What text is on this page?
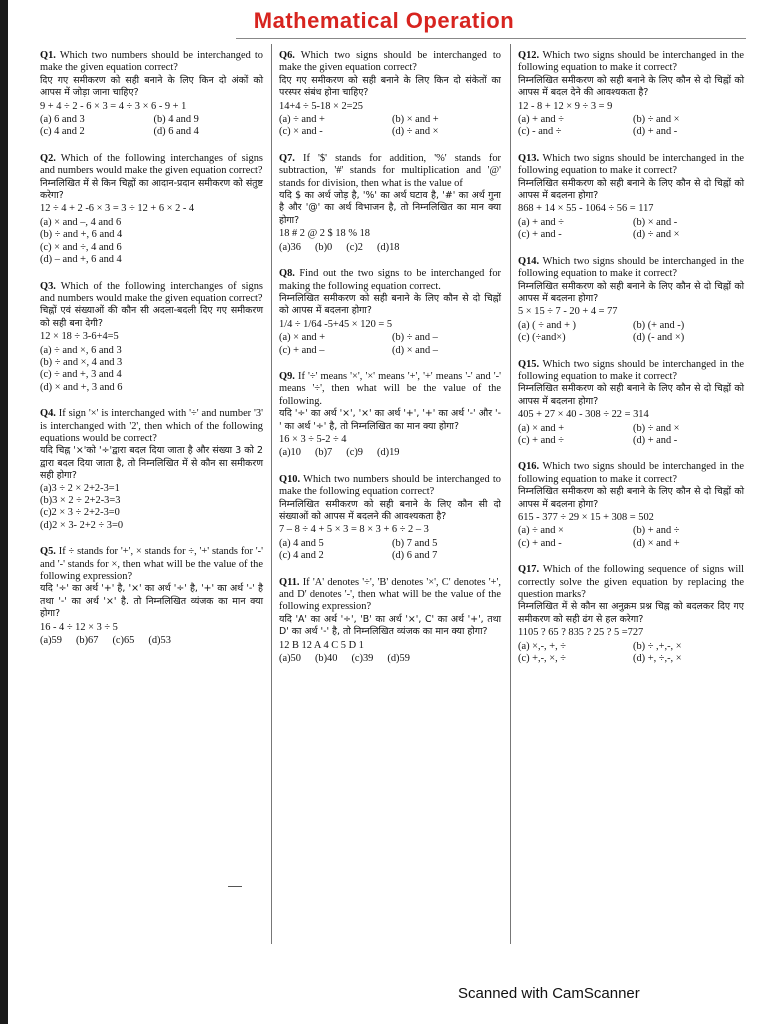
Mathematical Operation

Q1. Which two numbers should be interchanged to make the given equation correct?

दिए गए समीकरण को सही बनाने के लिए किन दो अंकों को आपस में जोड़ा जाना चाहिए?

9 + 4 ÷ 2 - 6 × 3 = 4 ÷ 3 × 6 - 9 + 1
(a) 6 and 3	(b) 4 and 9
(c) 4 and 2	(d) 6 and 4

Q2. Which of the following interchanges of signs and numbers would make the given equation correct?

निम्नलिखित में से किन चिह्नों का आदान-प्रदान समीकरण को संतुष्ट करेगा?

12 ÷ 4 + 2 -6 × 3 = 3 ÷ 12 + 6 × 2 - 4
(a) × and –, 4 and 6
(b) ÷ and +, 6 and 4
(c) × and ÷, 4 and 6
(d) – and +, 6 and 4

Q3. Which of the following interchanges of signs and numbers would make the given equation correct?

चिह्नों एवं संख्याओं की कौन सी अदला-बदली दिए गए समीकरण को सही बना देगी?

12 × 18 ÷ 3-6+4=5
(a) ÷ and ×, 6 and 3
(b) ÷ and ×, 4 and 3
(c) ÷ and +, 3 and 4
(d) × and +, 3 and 6

Q4. If sign '×' is interchanged with '÷' and number '3' is interchanged with '2', then which of the following equations would be correct?

यदि चिह्न '×'को '÷'द्वारा बदल दिया जाता है और संख्या 3 को 2 द्वारा बदल दिया जाता है, तो निम्नलिखित में से कौन सा समीकरण सही होगा?

(a)3 ÷ 2 × 2+2-3=1
(b)3 × 2 ÷ 2+2-3=3
(c)2 × 3 ÷ 2+2-3=0
(d)2 × 3- 2+2 ÷ 3=0

Q5. If ÷ stands for '+', × stands for ÷, '+' stands for '-' and '-' stands for ×, then what will be the value of the following expression?

यदि '÷' का अर्थ '+' है, '×' का अर्थ '÷' है, '+' का अर्थ '-' है तथा '-' का अर्थ '×' है. तो निम्नलिखित व्यंजक का मान क्या होगा?

16 - 4 ÷ 12 × 3 ÷ 5
(a)59 (b)67 (c)65 (d)53

Q6. Which two signs should be interchanged to make the given equation correct?

दिए गए समीकरण को सही बनाने के लिए किन दो संकेतों का परस्पर संबंध होना चाहिए?

14+4 ÷ 5-18 × 2=25
(a) ÷ and +	(b) × and +
(c) × and -	(d) ÷ and ×

Q7. If '$' stands for addition, '%' stands for subtraction, '#' stands for multiplication and '@' stands for division, then what is the value of

यदि $ का अर्थ जोड़ है, '%' का अर्थ घटाव है, '#' का अर्थ गुना है और '@' का अर्थ विभाजन है, तो निम्नलिखित का मान क्या होगा?

18 # 2 @ 2 $ 18 % 18
(a)36 (b)0 (c)2 (d)18

Q8. Find out the two signs to be interchanged for making the following equation correct.

निम्नलिखित समीकरण को सही बनाने के लिए कौन से दो चिह्नों को आपस में बदलना होगा?

1/4 ÷ 1/64 -5+45 × 120 = 5
(a) × and +	(b) ÷ and –
(c) + and –	(d) × and –

Q9. If '÷' means '×', '×' means '+', '+' means '-' and '-' means '÷', then what will be the value of the following.

यदि '÷' का अर्थ '×', '×' का अर्थ '+', '+' का अर्थ '-' और '-' का अर्थ '÷' है, तो निम्नलिखित का मान क्या होगा?

16 × 3 ÷ 5-2 ÷ 4
(a)10 (b)7 (c)9 (d)19

Q10. Which two numbers should be interchanged to make the following equation correct?

निम्नलिखित समीकरण को सही बनाने के लिए कौन सी दो संख्याओं को आपस में बदलने की आवश्यकता है?

7 – 8 ÷ 4 + 5 × 3 = 8 × 3 + 6 ÷ 2 – 3
(a) 4 and 5	(b) 7 and 5
(c) 4 and 2	(d) 6 and 7

Q11. If 'A' denotes '÷', 'B' denotes '×', C' denotes '+', and D' denotes '-', then what will be the value of the following expression?

यदि 'A' का अर्थ '÷', 'B' का अर्थ '×', C' का अर्थ '+', तथा D' का अर्थ '-' है, तो निम्नलिखित व्यंजक का मान क्या होगा?

12 B 12 A 4 C 5 D 1
(a)50 (b)40 (c)39 (d)59

Q12. Which two signs should be interchanged in the following equation to make it correct?

निम्नलिखित समीकरण को सही बनाने के लिए कौन से दो चिह्नों को आपस में बदल देने की आवश्यकता है?

12 - 8 + 12 × 9 ÷ 3 = 9
(a) + and ÷	(b) ÷ and ×
(c) - and ÷	(d) + and -

Q13. Which two signs should be interchanged in the following equation to make it correct?

निम्नलिखित समीकरण को सही बनाने के लिए कौन से दो चिह्नों को आपस में बदलना होगा?

868 + 14 × 55 - 1064 ÷ 56 = 117
(a) + and ÷	(b) × and -
(c) + and -	(d) ÷ and ×

Q14. Which two signs should be interchanged in the following equation to make it correct?

निम्नलिखित समीकरण को सही बनाने के लिए कौन से दो चिह्नों को आपस में बदलना होगा?

5 × 15 ÷ 7 - 20 + 4 = 77
(a) ( ÷ and + )	(b) (+ and -)
(c) (÷and×)	(d) (- and ×)

Q15. Which two signs should be interchanged in the following equation to make it correct?

निम्नलिखित समीकरण को सही बनाने के लिए कौन से दो चिह्नों को आपस में बदलना होगा?

405 + 27 × 40 - 308 ÷ 22 = 314
(a) × and +	(b) ÷ and ×
(c) + and ÷	(d) + and -

Q16. Which two signs should be interchanged in the following equation to make it correct?

निम्नलिखित समीकरण को सही बनाने के लिए कौन से दो चिह्नों को आपस में बदलना होगा?

615 - 377 ÷ 29 × 15 + 308 = 502
(a) ÷ and ×	(b) + and ÷
(c) + and -	(d) × and +

Q17. Which of the following sequence of signs will correctly solve the given equation by replacing the question marks?

निम्नलिखित में से कौन सा अनुक्रम प्रश्न चिह्न को बदलकर दिए गए समीकरण को सही ढंग से हल करेगा?

1105 ? 65 ? 835 ? 25 ? 5 =727
(a) ×,-, +, ÷	(b) ÷ ,+,-, ×
(c) +,-, ×, ÷	(d) +, ÷,-, ×
Scanned with CamScanner
